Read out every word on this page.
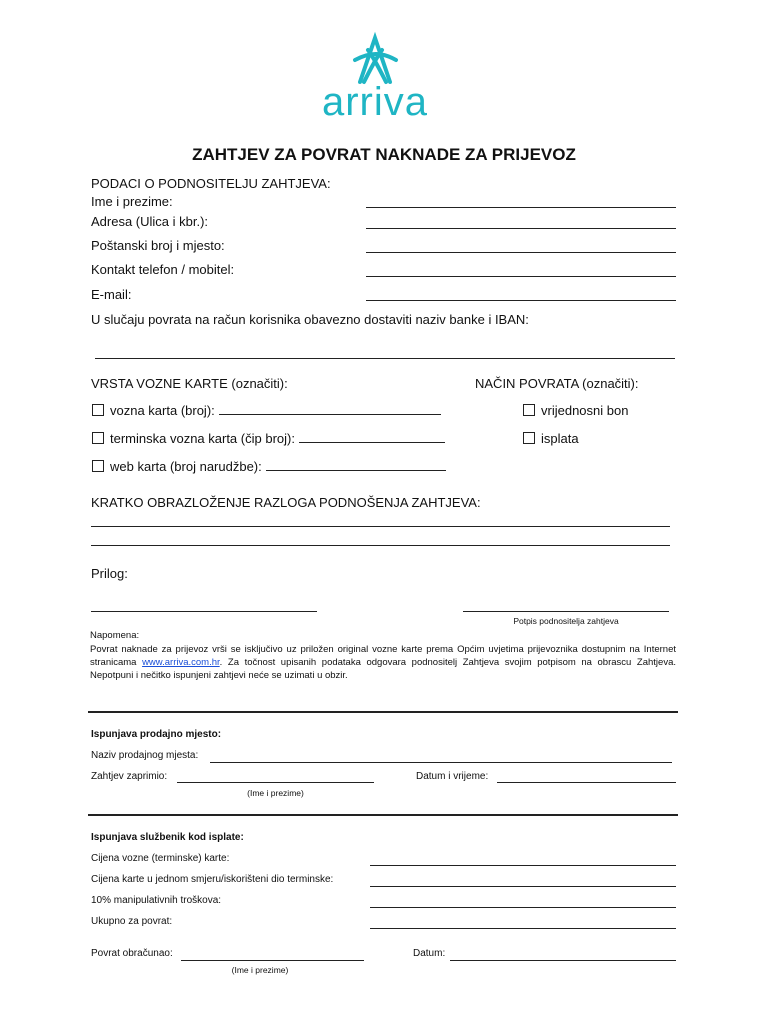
arriva
ZAHTJEV ZA POVRAT NAKNADE ZA PRIJEVOZ
PODACI O PODNOSITELJU ZAHTJEVA:
Ime i prezime:
Adresa (Ulica i kbr.):
Poštanski broj i mjesto:
Kontakt telefon / mobitel:
E-mail:
U slučaju povrata na račun korisnika obavezno dostaviti naziv banke i IBAN:
VRSTA VOZNE KARTE (označiti):
vozna karta (broj):
terminska vozna karta (čip broj):
web karta (broj narudžbe):
NAČIN POVRATA (označiti):
vrijednosni bon
isplata
KRATKO OBRAZLOŽENJE RAZLOGA PODNOŠENJA ZAHTJEVA:
Prilog:
Potpis podnositelja zahtjeva
Napomena:
Povrat naknade za prijevoz vrši se isključivo uz priložen original vozne karte prema Općim uvjetima prijevoznika dostupnim na Internet stranicama www.arriva.com.hr. Za točnost upisanih podataka odgovara podnositelj Zahtjeva svojim potpisom na obrascu Zahtjeva. Nepotpuni i nečitko ispunjeni zahtjevi neće se uzimati u obzir.
Ispunjava prodajno mjesto:
Naziv prodajnog mjesta:
Zahtjev zaprimio:	Datum i vrijeme:
(Ime i prezime)
Ispunjava službenik kod isplate:
Cijena vozne (terminske) karte:
Cijena karte u jednom smjeru/iskorišteni dio terminske:
10% manipulativnih troškova:
Ukupno za povrat:
Povrat obračunao:	Datum:
(Ime i prezime)
